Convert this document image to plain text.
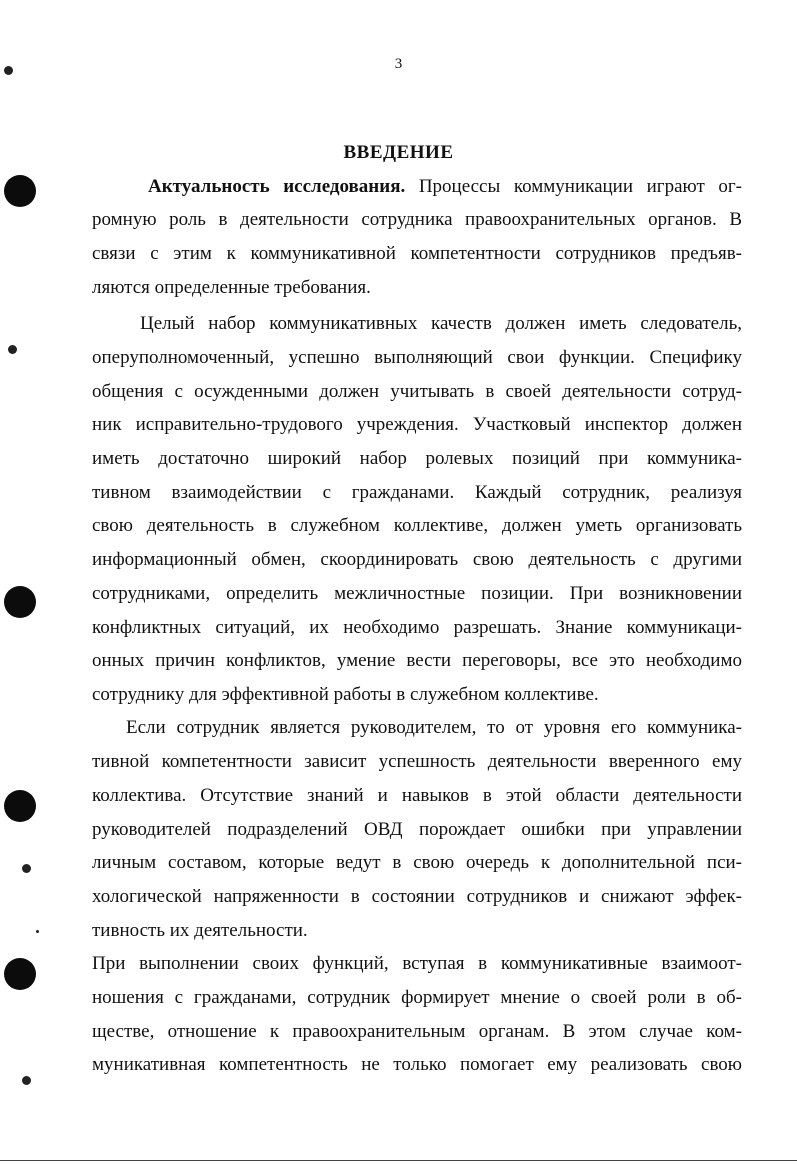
3
ВВЕДЕНИЕ
Актуальность исследования. Процессы коммуникации играют ог-
ромную роль в деятельности сотрудника правоохранительных органов. В
связи с этим к коммуникативной компетентности сотрудников предъяв-
ляются определенные требования.
Целый набор коммуникативных качеств должен иметь следователь,
оперуполномоченный, успешно выполняющий свои функции. Специфику
общения с осужденными должен учитывать в своей деятельности сотруд-
ник исправительно-трудового учреждения. Участковый инспектор должен
иметь достаточно широкий набор ролевых позиций при коммуника-
тивном взаимодействии с гражданами. Каждый сотрудник, реализуя
свою деятельность в служебном коллективе, должен уметь организовать
информационный обмен, скоординировать свою деятельность с другими
сотрудниками, определить межличностные позиции. При возникновении
конфликтных ситуаций, их необходимо разрешать. Знание коммуникаци-
онных причин конфликтов, умение вести переговоры, все это необходимо
сотруднику для эффективной работы в служебном коллективе.
Если сотрудник является руководителем, то от уровня его коммуника-
тивной компетентности зависит успешность деятельности вверенного ему
коллектива. Отсутствие знаний и навыков в этой области деятельности
руководителей подразделений ОВД порождает ошибки при управлении
личным составом, которые ведут в свою очередь к дополнительной пси-
хологической напряженности в состоянии сотрудников и снижают эффек-
тивность их деятельности.
При выполнении своих функций, вступая в коммуникативные взаимоот-
ношения с гражданами, сотрудник формирует мнение о своей роли в об-
ществе, отношение к правоохранительным органам. В этом случае ком-
муникативная компетентность не только помогает ему реализовать свою
